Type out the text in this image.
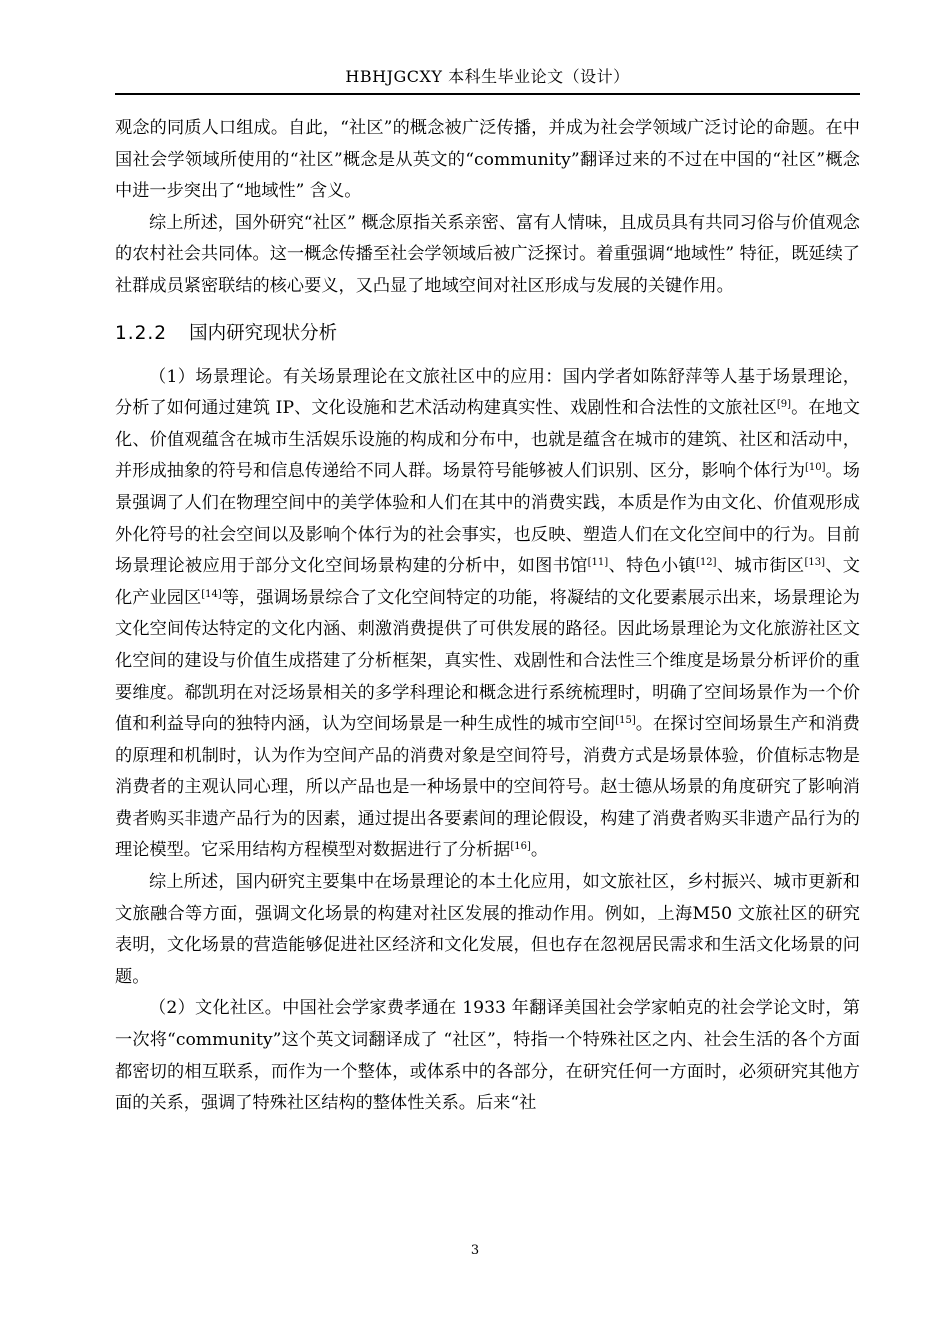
HBHJGCXY 本科生毕业论文（设计）

观念的同质人口组成。自此，“社区”的概念被广泛传播，并成为社会学领域广泛讨论的命题。在中国社会学领域所使用的“社区”概念是从英文的“community”翻译过来的不过在中国的“社区”概念中进一步突出了“地域性” 含义。

综上所述，国外研究“社区” 概念原指关系亲密、富有人情味，且成员具有共同习俗与价值观念的农村社会共同体。这一概念传播至社会学领域后被广泛探讨。着重强调“地域性” 特征，既延续了社群成员紧密联结的核心要义，又凸显了地域空间对社区形成与发展的关键作用。

1.2.2 国内研究现状分析

（1）场景理论。有关场景理论在文旅社区中的应用：国内学者如陈舒萍等人基于场景理论，分析了如何通过建筑 IP、文化设施和艺术活动构建真实性、戏剧性和合法性的文旅社区[9]。在地文化、价值观蕴含在城市生活娱乐设施的构成和分布中，也就是蕴含在城市的建筑、社区和活动中，并形成抽象的符号和信息传递给不同人群。场景符号能够被人们识别、区分，影响个体行为[10]。场景强调了人们在物理空间中的美学体验和人们在其中的消费实践，本质是作为由文化、价值观形成外化符号的社会空间以及影响个体行为的社会事实，也反映、塑造人们在文化空间中的行为。目前场景理论被应用于部分文化空间场景构建的分析中，如图书馆[11]、特色小镇[12]、城市街区[13]、文化产业园区[14]等，强调场景综合了文化空间特定的功能，将凝结的文化要素展示出来，场景理论为文化空间传达特定的文化内涵、刺激消费提供了可供发展的路径。因此场景理论为文化旅游社区文化空间的建设与价值生成搭建了分析框架，真实性、戏剧性和合法性三个维度是场景分析评价的重要维度。郗凯玥在对泛场景相关的多学科理论和概念进行系统梳理时，明确了空间场景作为一个价值和利益导向的独特内涵，认为空间场景是一种生成性的城市空间[15]。在探讨空间场景生产和消费的原理和机制时，认为作为空间产品的消费对象是空间符号，消费方式是场景体验，价值标志物是消费者的主观认同心理，所以产品也是一种场景中的空间符号。赵士德从场景的角度研究了影响消费者购买非遗产品行为的因素，通过提出各要素间的理论假设，构建了消费者购买非遗产品行为的理论模型。它采用结构方程模型对数据进行了分析据[16]。

综上所述，国内研究主要集中在场景理论的本土化应用，如文旅社区，乡村振兴、城市更新和文旅融合等方面，强调文化场景的构建对社区发展的推动作用。例如，上海M50 文旅社区的研究表明，文化场景的营造能够促进社区经济和文化发展，但也存在忽视居民需求和生活文化场景的问题。

（2）文化社区。中国社会学家费孝通在 1933 年翻译美国社会学家帕克的社会学论文时，第一次将“community”这个英文词翻译成了 “社区”，特指一个特殊社区之内、社会生活的各个方面都密切的相互联系，而作为一个整体，或体系中的各部分，在研究任何一方面时，必须研究其他方面的关系，强调了特殊社区结构的整体性关系。后来“社

3
